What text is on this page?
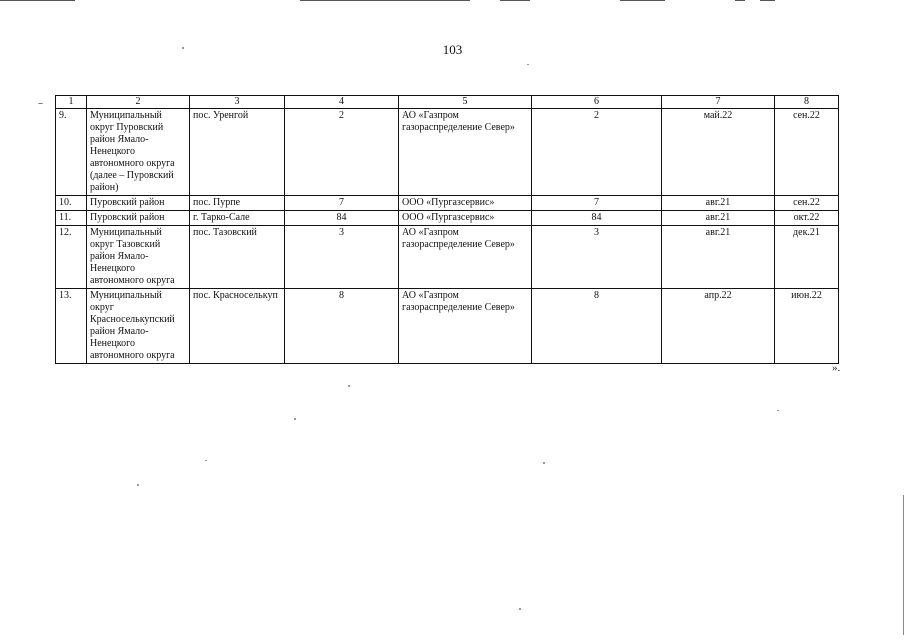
103
1	2	3	4	5	6	7	8
9.	Муниципальный округ Пуровский район Ямало-Ненецкого автономного округа (далее – Пуровский район)	пос. Уренгой	2	АО «Газпром газораспределение Север»	2	май.22	сен.22
10.	Пуровский район	пос. Пурпе	7	ООО «Пургазсервис»	7	авг.21	сен.22
11.	Пуровский район	г. Тарко-Сале	84	ООО «Пургазсервис»	84	авг.21	окт.22
12.	Муниципальный округ Тазовский район Ямало-Ненецкого автономного округа	пос. Тазовский	3	АО «Газпром газораспределение Север»	3	авг.21	дек.21
13.	Муниципальный округ Красноселькупский район Ямало-Ненецкого автономного округа	пос. Красноселькуп	8	АО «Газпром газораспределение Север»	8	апр.22	июн.22
».
